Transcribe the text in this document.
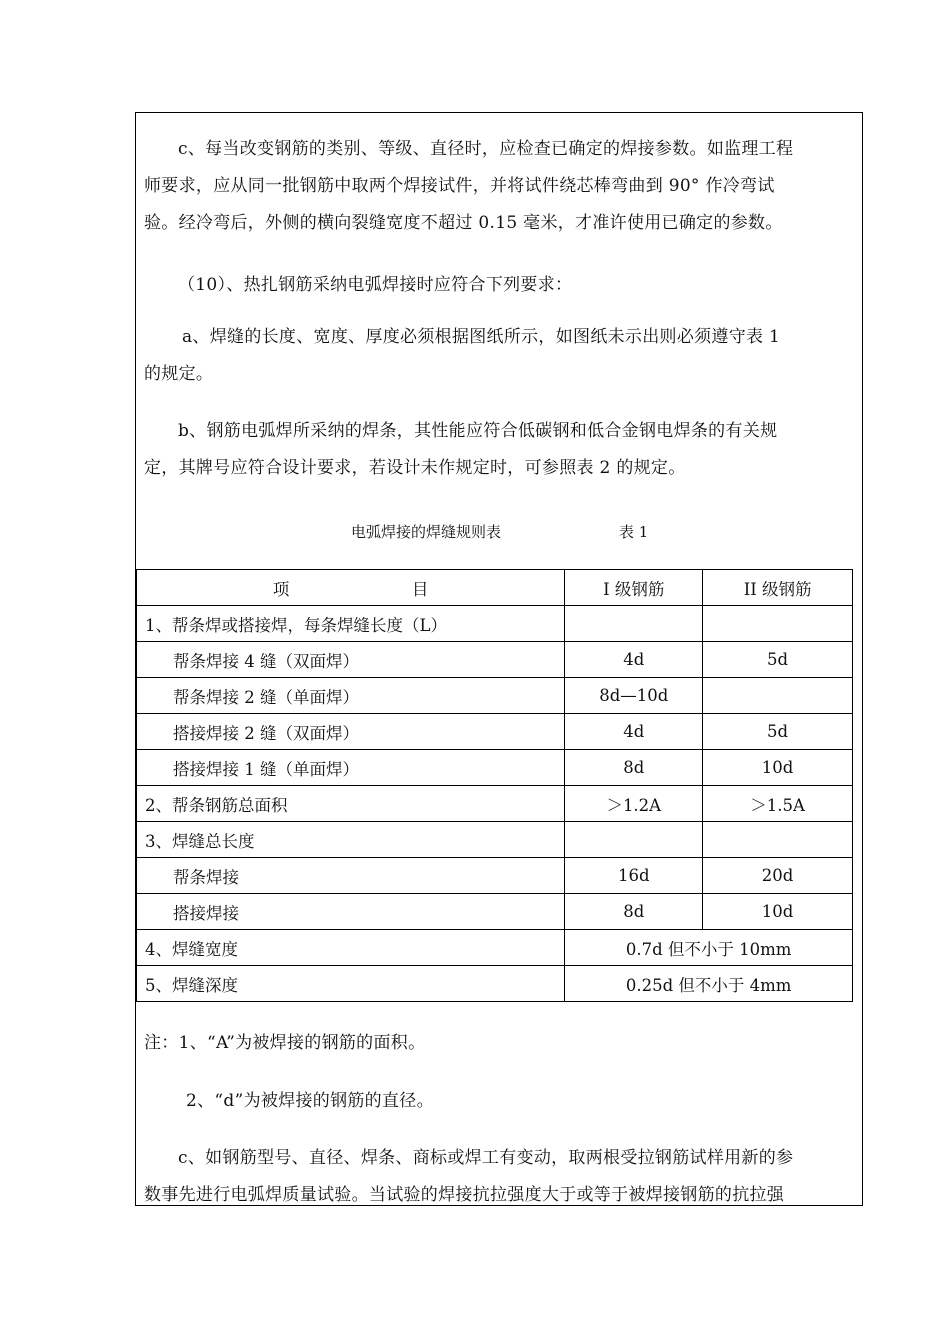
c、每当改变钢筋的类别、等级、直径时，应检查已确定的焊接参数。如监理工程
师要求，应从同一批钢筋中取两个焊接试件，并将试件绕芯棒弯曲到 90° 作冷弯试
验。经冷弯后，外侧的横向裂缝宽度不超过 0.15 毫米，才准许使用已确定的参数。
（10）、热扎钢筋采纳电弧焊接时应符合下列要求：
a、焊缝的长度、宽度、厚度必须根据图纸所示，如图纸未示出则必须遵守表 1
的规定。
b、钢筋电弧焊所采纳的焊条，其性能应符合低碳钢和低合金钢电焊条的有关规
定，其牌号应符合设计要求，若设计未作规定时，可参照表 2 的规定。
电弧焊接的焊缝规则表	表 1
项 目	I 级钢筋	II 级钢筋
1、帮条焊或搭接焊，每条焊缝长度（L）		
帮条焊接 4 缝（双面焊）	4d	5d
帮条焊接 2 缝（单面焊）	8d—10d	
搭接焊接 2 缝（双面焊）	4d	5d
搭接焊接 1 缝（单面焊）	8d	10d
2、帮条钢筋总面积	＞1.2A	＞1.5A
3、焊缝总长度		
帮条焊接	16d	20d
搭接焊接	8d	10d
4、焊缝宽度	0.7d 但不小于 10mm	
5、焊缝深度	0.25d 但不小于 4mm	
注：1、“A”为被焊接的钢筋的面积。
2、“d”为被焊接的钢筋的直径。
c、如钢筋型号、直径、焊条、商标或焊工有变动，取两根受拉钢筋试样用新的参
数事先进行电弧焊质量试验。当试验的焊接抗拉强度大于或等于被焊接钢筋的抗拉强
